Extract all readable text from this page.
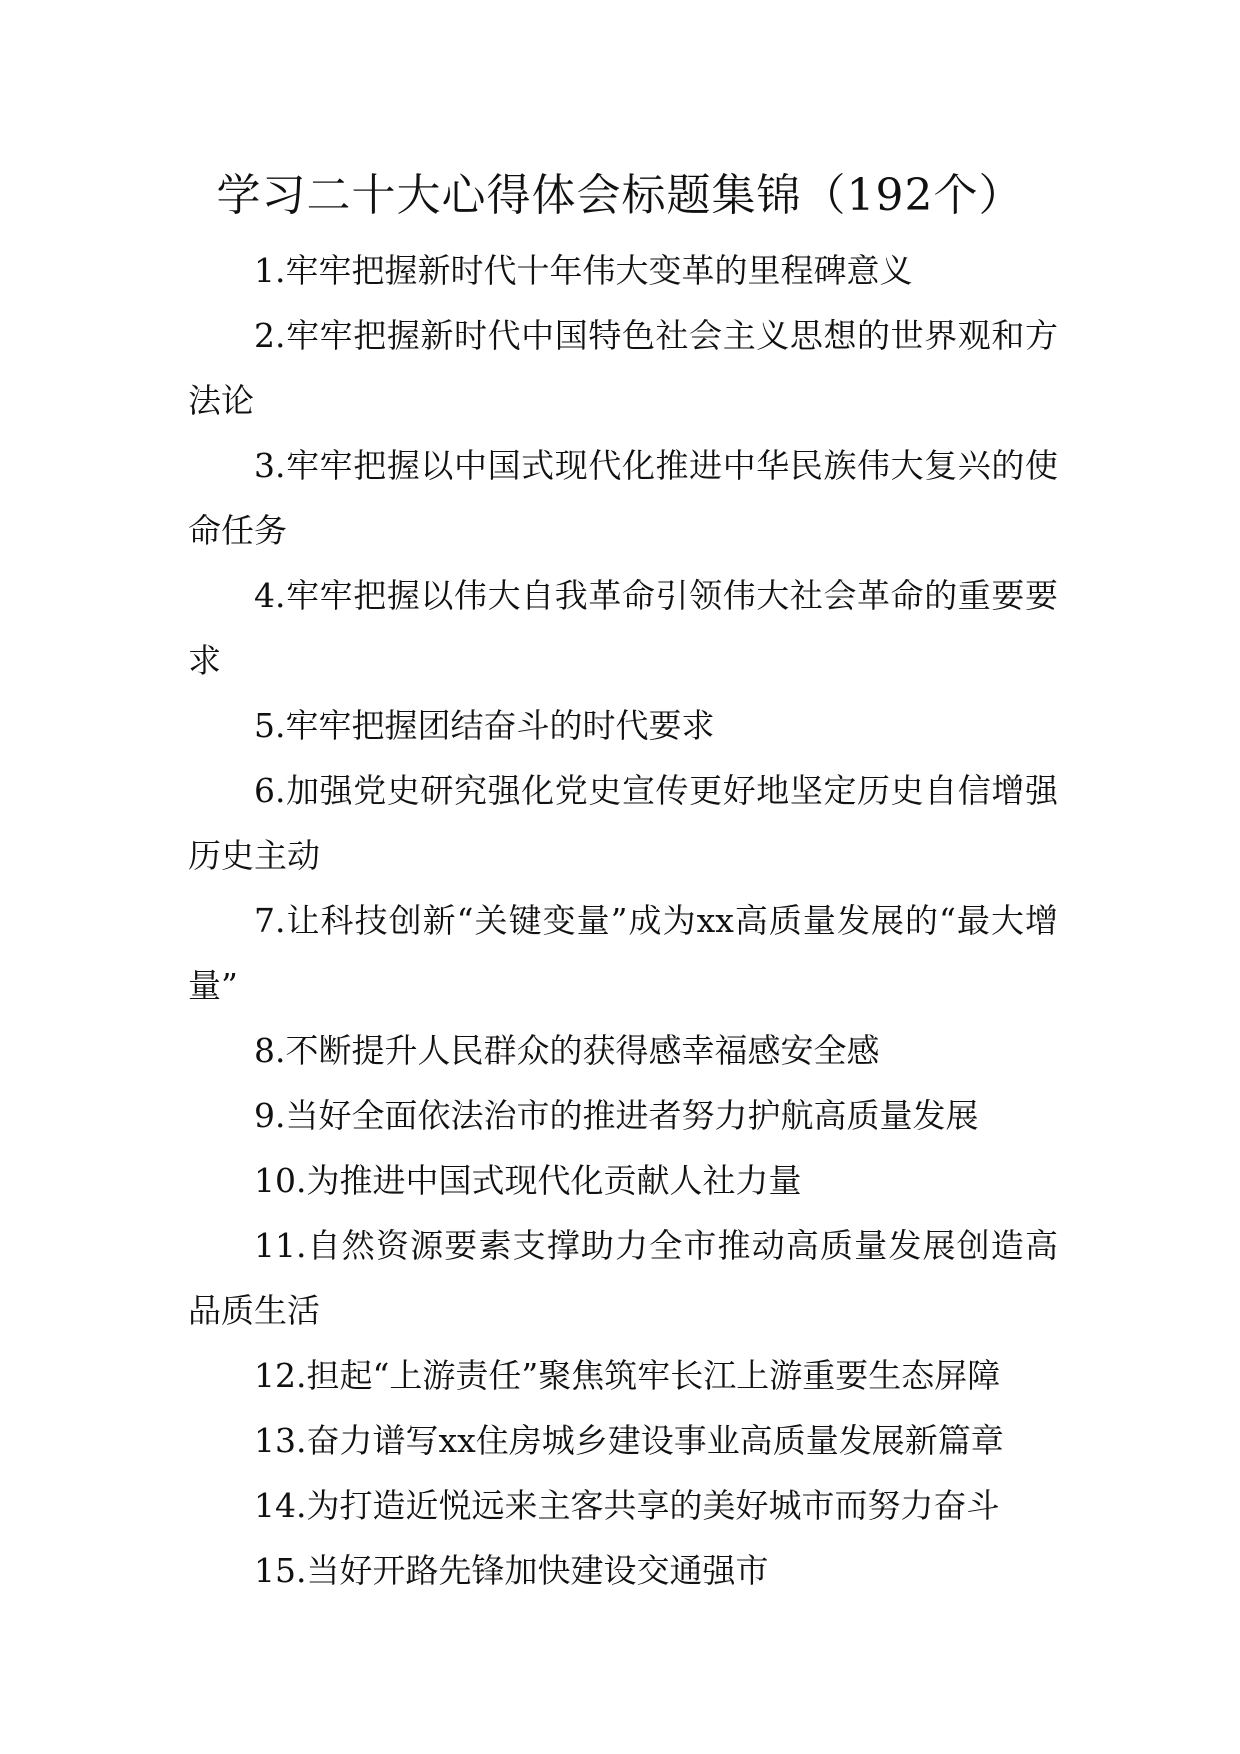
学习二十大心得体会标题集锦（192个）

1.牢牢把握新时代十年伟大变革的里程碑意义

2.牢牢把握新时代中国特色社会主义思想的世界观和方法论

3.牢牢把握以中国式现代化推进中华民族伟大复兴的使命任务

4.牢牢把握以伟大自我革命引领伟大社会革命的重要要求

5.牢牢把握团结奋斗的时代要求

6.加强党史研究强化党史宣传更好地坚定历史自信增强历史主动

7.让科技创新“关键变量”成为xx高质量发展的“最大增量”

8.不断提升人民群众的获得感幸福感安全感

9.当好全面依法治市的推进者努力护航高质量发展

10.为推进中国式现代化贡献人社力量

11.自然资源要素支撑助力全市推动高质量发展创造高品质生活

12.担起“上游责任”聚焦筑牢长江上游重要生态屏障

13.奋力谱写xx住房城乡建设事业高质量发展新篇章

14.为打造近悦远来主客共享的美好城市而努力奋斗

15.当好开路先锋加快建设交通强市
